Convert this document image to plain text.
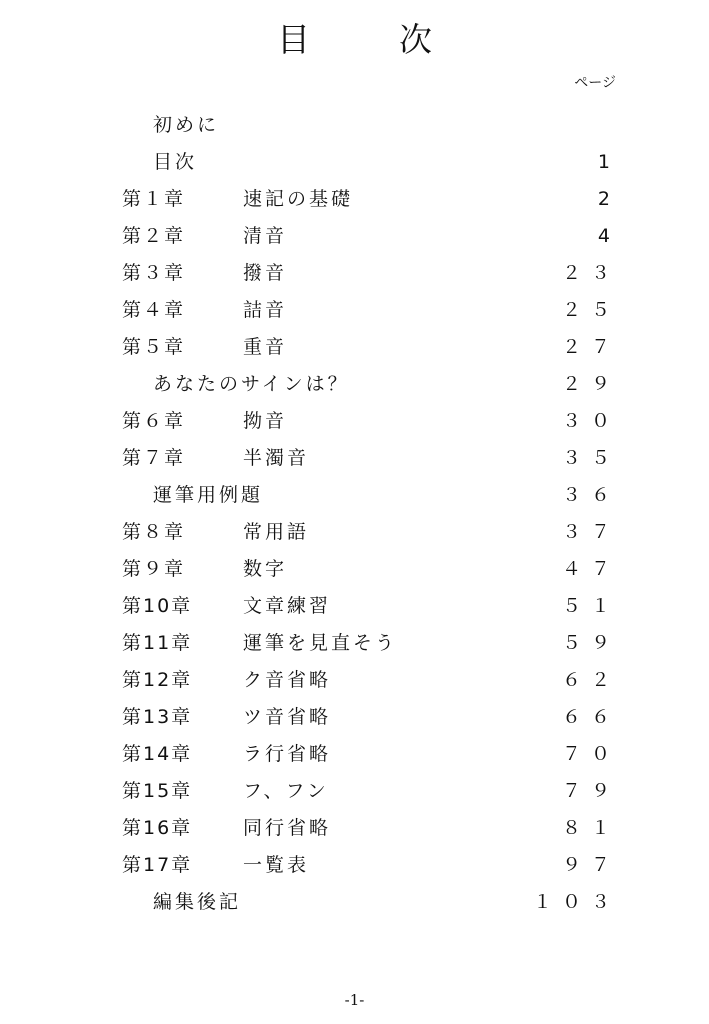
目　次
ページ
初めに
目次	1
第１章	速記の基礎	2
第２章	清音	4
第３章	撥音	２３
第４章	詰音	２５
第５章	重音	２７
あなたのサインは？	２９
第６章	拗音	３０
第７章	半濁音	３５
運筆用例題	３６
第８章	常用語	３７
第９章	数字	４７
第10章	文章練習	５１
第11章	運筆を見直そう	５９
第12章	ク音省略	６２
第13章	ツ音省略	６６
第14章	ラ行省略	７０
第15章	フ、フン	７９
第16章	同行省略	８１
第17章	一覧表	９７
編集後記	１０３
-1-
